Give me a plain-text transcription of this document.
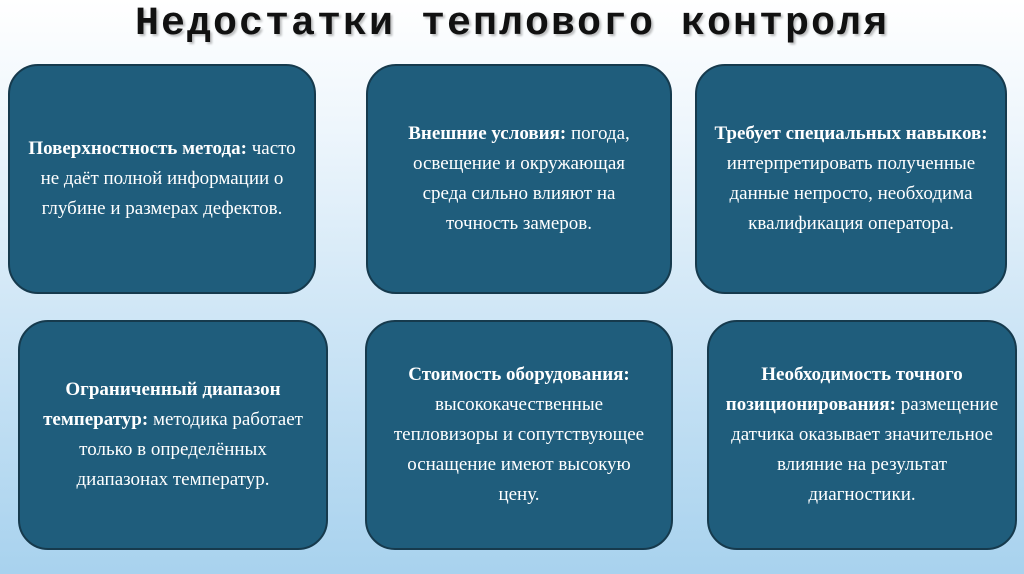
Недостатки теплового контроля
Поверхностность метода: часто не даёт полной информации о глубине и размерах дефектов.
Внешние условия: погода, освещение и окружающая среда сильно влияют на точность замеров.
Требует специальных навыков: интерпретировать полученные данные непросто, необходима квалификация оператора.
Ограниченный диапазон температур: методика работает только в определённых диапазонах температур.
Стоимость оборудования: высококачественные тепловизоры и сопутствующее оснащение имеют высокую цену.
Необходимость точного позиционирования: размещение датчика оказывает значительное влияние на результат диагностики.
